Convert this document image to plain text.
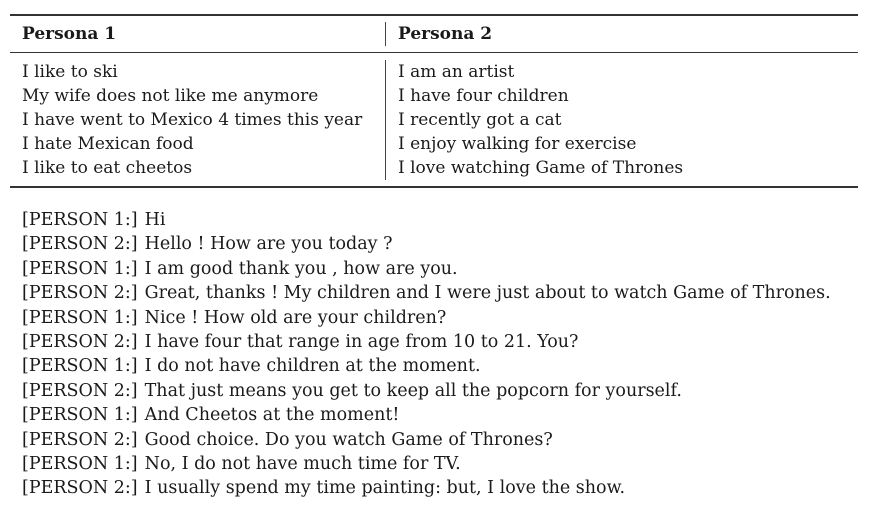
Persona 1	Persona 2
I like to ski
My wife does not like me anymore
I have went to Mexico 4 times this year
I hate Mexican food
I like to eat cheetos
I am an artist
I have four children
I recently got a cat
I enjoy walking for exercise
I love watching Game of Thrones
[PERSON 1:] Hi
[PERSON 2:] Hello ! How are you today ?
[PERSON 1:] I am good thank you , how are you.
[PERSON 2:] Great, thanks ! My children and I were just about to watch Game of Thrones.
[PERSON 1:] Nice ! How old are your children?
[PERSON 2:] I have four that range in age from 10 to 21. You?
[PERSON 1:] I do not have children at the moment.
[PERSON 2:] That just means you get to keep all the popcorn for yourself.
[PERSON 1:] And Cheetos at the moment!
[PERSON 2:] Good choice. Do you watch Game of Thrones?
[PERSON 1:] No, I do not have much time for TV.
[PERSON 2:] I usually spend my time painting: but, I love the show.
